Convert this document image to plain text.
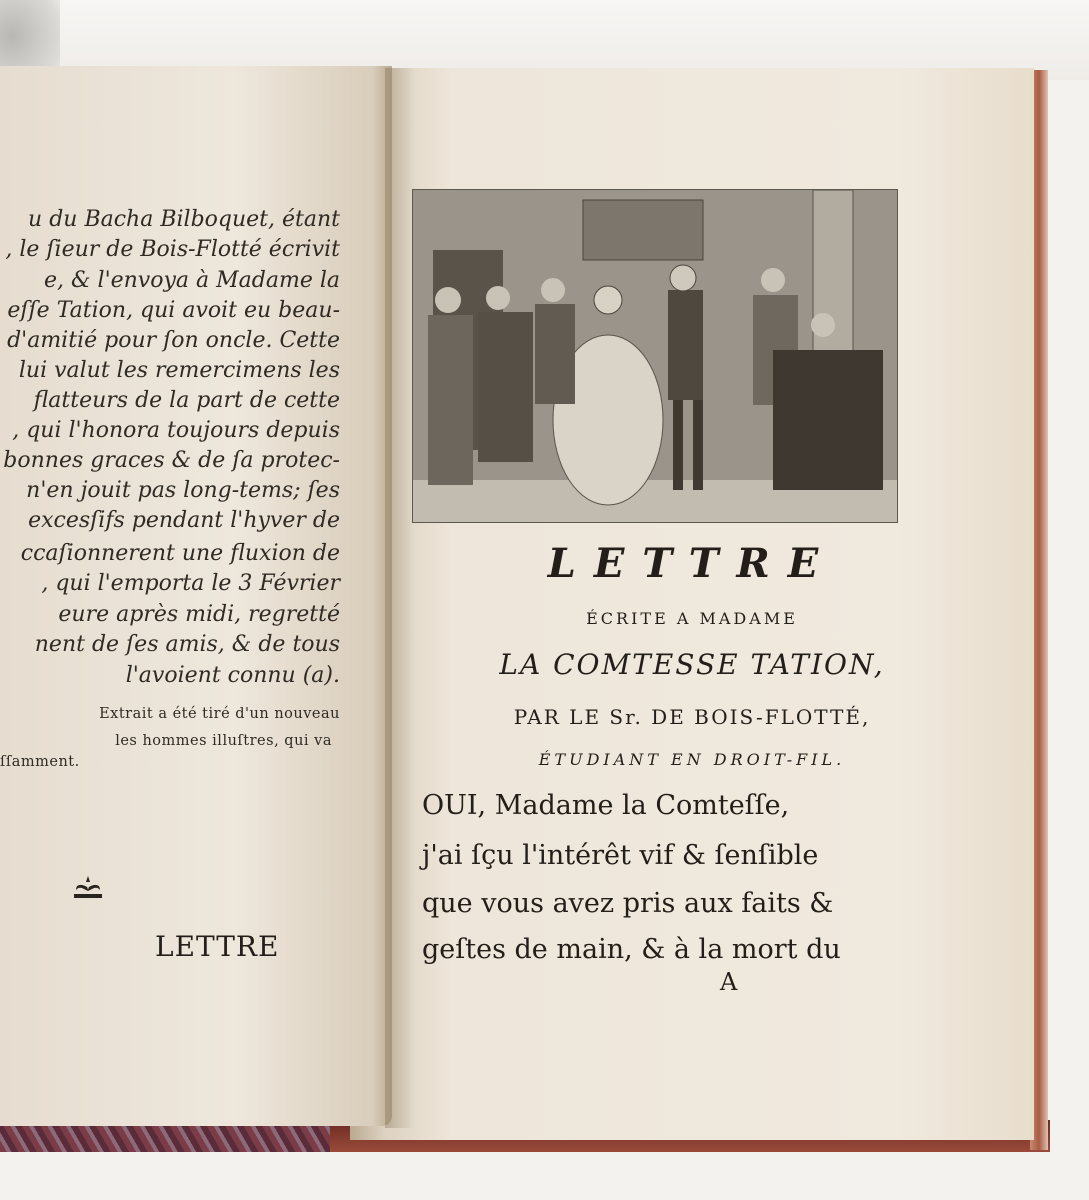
LETTRE
ÉCRITE A MADAME
LA COMTESSE TATION,
PAR LE Sr. DE BOIS-FLOTTÉ,
ÉTUDIANT EN DROIT-FIL.
OUI, Madame la Comteſſe,
j'ai ſçu l'intérêt vif & ſenſible
que vous avez pris aux faits &
geſtes de main, & à la mort du
A
u du Bacha Bilboquet, étant
, le ſieur de Bois-Flotté écrivit
e, & l'envoya à Madame la
eſſe Tation, qui avoit eu beau-
d'amitié pour ſon oncle. Cette
lui valut les remercimens les
flatteurs de la part de cette
, qui l'honora toujours depuis
bonnes graces & de ſa protec-
n'en jouit pas long-tems; ſes
excesſifs pendant l'hyver de
ccaſionnerent une fluxion de
, qui l'emporta le 3 Février
eure après midi, regretté
nent de ſes amis, & de tous
l'avoient connu (a).
Extrait a été tiré d'un nouveau
les hommes illuſtres, qui va
ſſamment.
LETTRE
